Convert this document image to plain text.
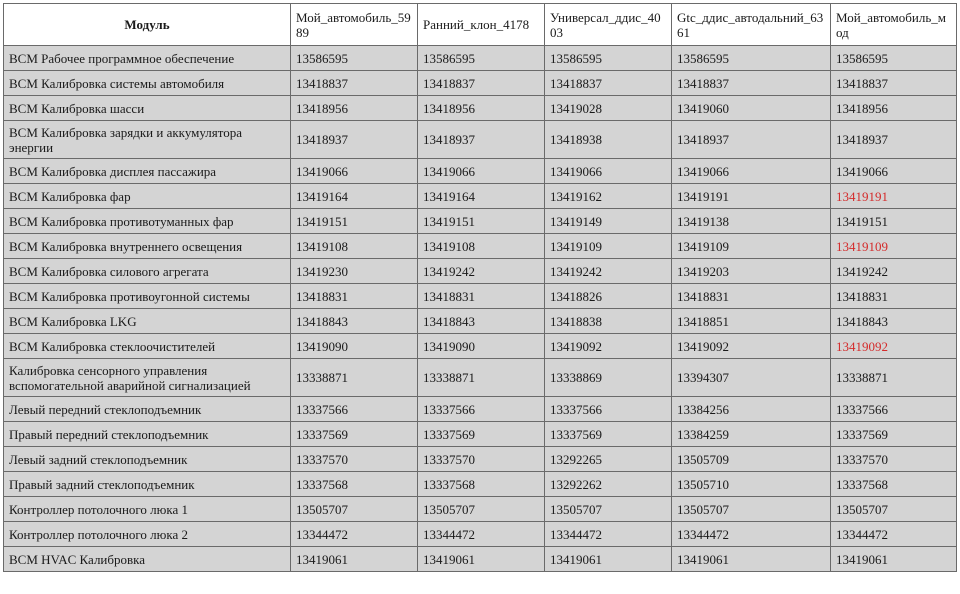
Модуль	Мой_автомобиль_5989	Ранний_клон_4178	Универсал_ддис_4003	Gtc_ддис_автодальний_6361	Мой_автомобиль_мод
BCM Рабочее программное обеспечение	13586595	13586595	13586595	13586595	13586595
BCM Калибровка системы автомобиля	13418837	13418837	13418837	13418837	13418837
BCM Калибровка шасси	13418956	13418956	13419028	13419060	13418956
BCM Калибровка зарядки и аккумулятора энергии	13418937	13418937	13418938	13418937	13418937
BCM Калибровка дисплея пассажира	13419066	13419066	13419066	13419066	13419066
BCM Калибровка фар	13419164	13419164	13419162	13419191	13419191
BCM Калибровка противотуманных фар	13419151	13419151	13419149	13419138	13419151
BCM Калибровка внутреннего освещения	13419108	13419108	13419109	13419109	13419109
BCM Калибровка силового агрегата	13419230	13419242	13419242	13419203	13419242
BCM Калибровка противоугонной системы	13418831	13418831	13418826	13418831	13418831
BCM Калибровка LKG	13418843	13418843	13418838	13418851	13418843
BCM Калибровка стеклоочистителей	13419090	13419090	13419092	13419092	13419092
Калибровка сенсорного управления вспомогательной аварийной сигнализацией	13338871	13338871	13338869	13394307	13338871
Левый передний стеклоподъемник	13337566	13337566	13337566	13384256	13337566
Правый передний стеклоподъемник	13337569	13337569	13337569	13384259	13337569
Левый задний стеклоподъемник	13337570	13337570	13292265	13505709	13337570
Правый задний стеклоподъемник	13337568	13337568	13292262	13505710	13337568
Контроллер потолочного люка 1	13505707	13505707	13505707	13505707	13505707
Контроллер потолочного люка 2	13344472	13344472	13344472	13344472	13344472
BCM HVAC Калибровка	13419061	13419061	13419061	13419061	13419061
